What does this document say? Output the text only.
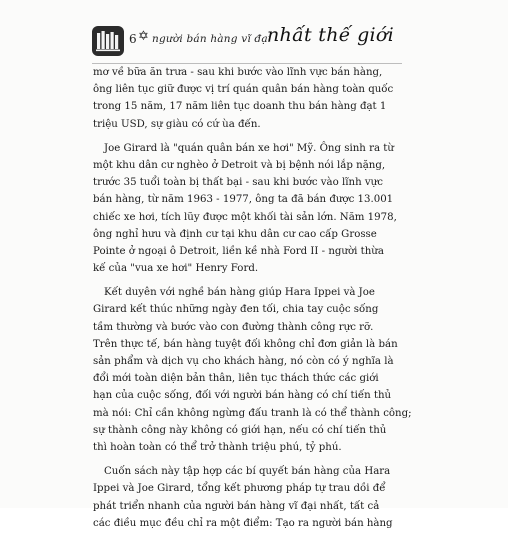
6 ✡ người bán hàng vĩ đại
nhất thế giới
mơ về bữa ăn trưa - sau khi bước vào lĩnh vực bán hàng,
ông liên tục giữ được vị trí quán quân bán hàng toàn quốc
trong 15 năm, 17 năm liên tục doanh thu bán hàng đạt 1
triệu USD, sự giàu có cứ ùa đến.
Joe Girard là "quán quân bán xe hơi" Mỹ. Ông sinh ra từ
một khu dân cư nghèo ở Detroit và bị bệnh nói lắp nặng,
trước 35 tuổi toàn bị thất bại - sau khi bước vào lĩnh vực
bán hàng, từ năm 1963 - 1977, ông ta đã bán được 13.001
chiếc xe hơi, tích lũy được một khối tài sản lớn. Năm 1978,
ông nghỉ hưu và định cư tại khu dân cư cao cấp Grosse
Pointe ở ngoại ô Detroit, liền kề nhà Ford II - người thừa
kế của "vua xe hơi" Henry Ford.
Kết duyên với nghề bán hàng giúp Hara Ippei và Joe
Girard kết thúc những ngày đen tối, chia tay cuộc sống
tầm thường và bước vào con đường thành công rực rỡ.
Trên thực tế, bán hàng tuyệt đối không chỉ đơn giản là bán
sản phẩm và dịch vụ cho khách hàng, nó còn có ý nghĩa là
đổi mới toàn diện bản thân, liên tục thách thức các giới
hạn của cuộc sống, đối với người bán hàng có chí tiến thủ
mà nói: Chỉ cần không ngừng đấu tranh là có thể thành công;
sự thành công này không có giới hạn, nếu có chí tiến thủ
thì hoàn toàn có thể trở thành triệu phú, tỷ phú.
Cuốn sách này tập hợp các bí quyết bán hàng của Hara
Ippei và Joe Girard, tổng kết phương pháp tự trau dồi để
phát triển nhanh của người bán hàng vĩ đại nhất, tất cả
các điều mục đều chỉ ra một điểm: Tạo ra người bán hàng
